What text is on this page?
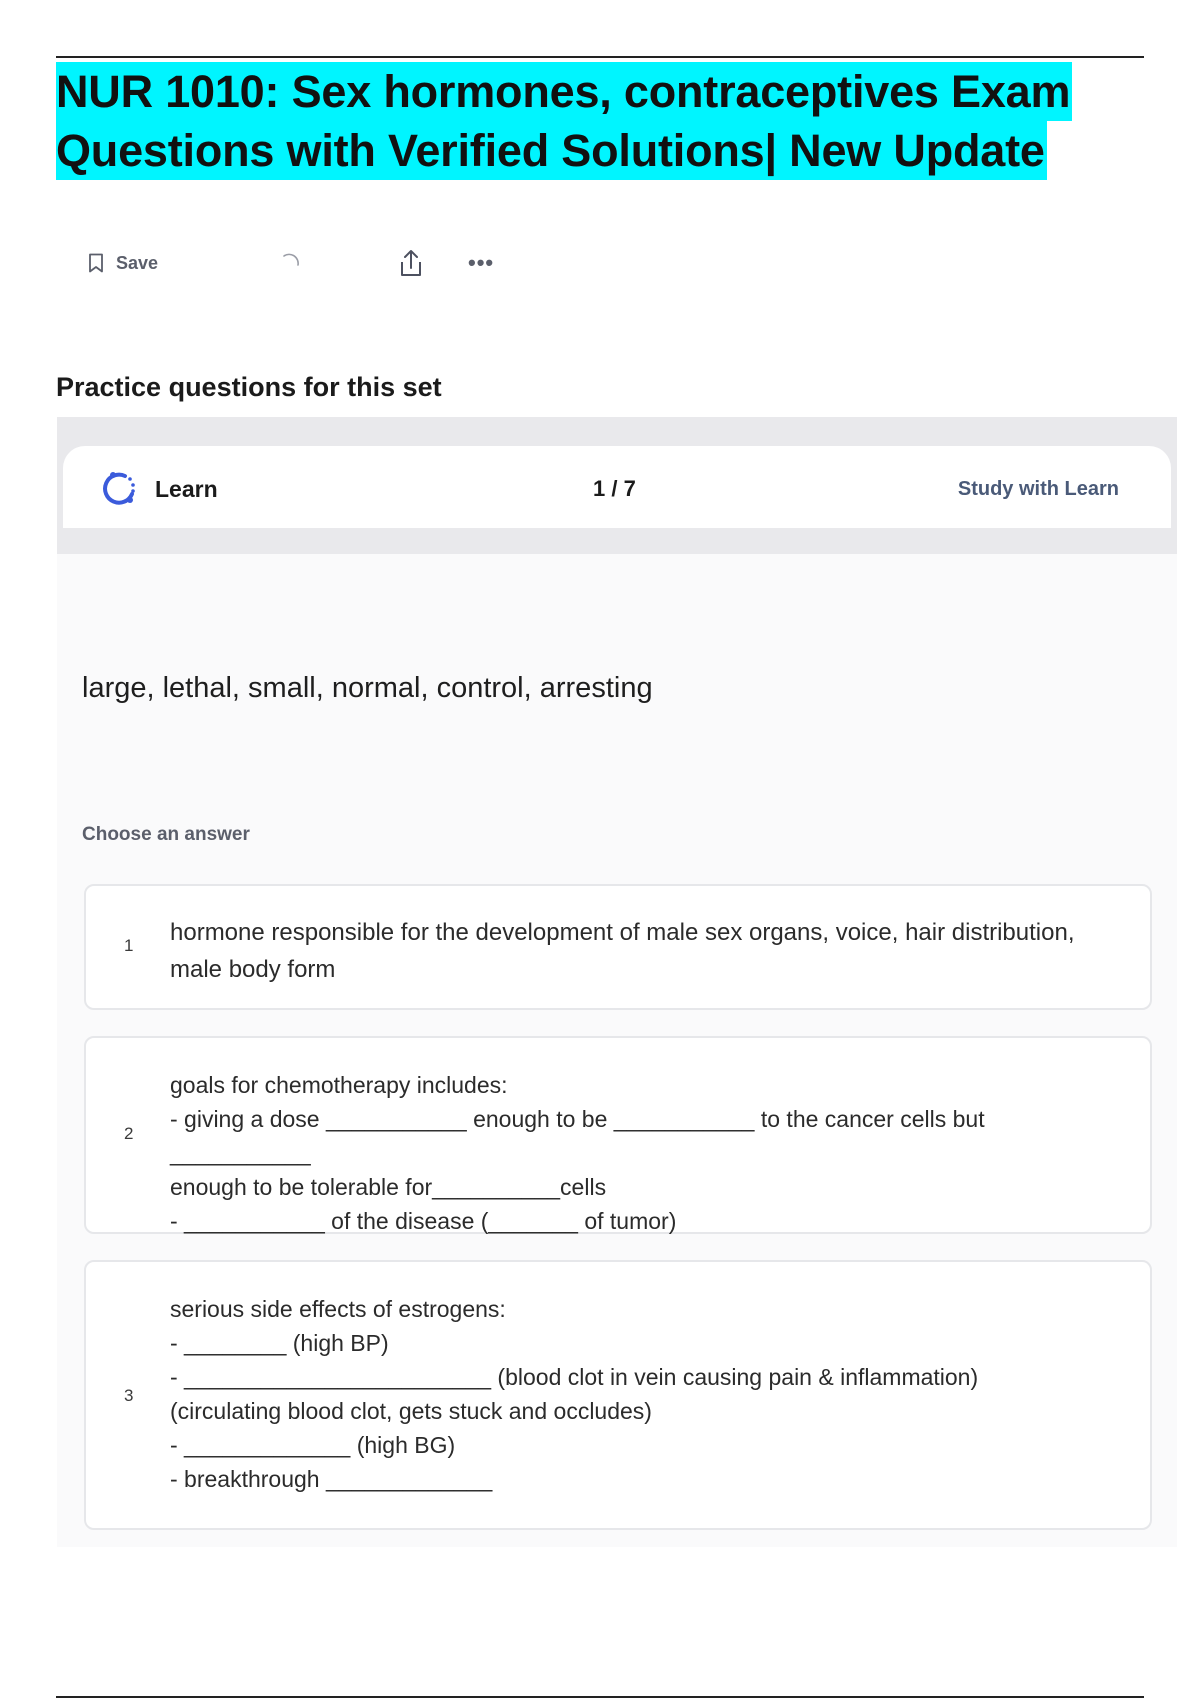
NUR 1010: Sex hormones, contraceptives Exam
Questions with Verified Solutions| New Update
Save	•••
Practice questions for this set
Learn	1 / 7	Study with Learn
large, lethal, small, normal, control, arresting
Choose an answer
1 hormone responsible for the development of male sex organs, voice, hair distribution,
male body form
2
goals for chemotherapy includes:
- giving a dose ___________ enough to be ___________ to the cancer cells but ___________
enough to be tolerable for__________cells
- ___________ of the disease (_______ of tumor)
3
serious side effects of estrogens:
- ________ (high BP)
- ________________________ (blood clot in vein causing pain & inflammation)
(circulating blood clot, gets stuck and occludes)
- _____________ (high BG)
- breakthrough _____________
